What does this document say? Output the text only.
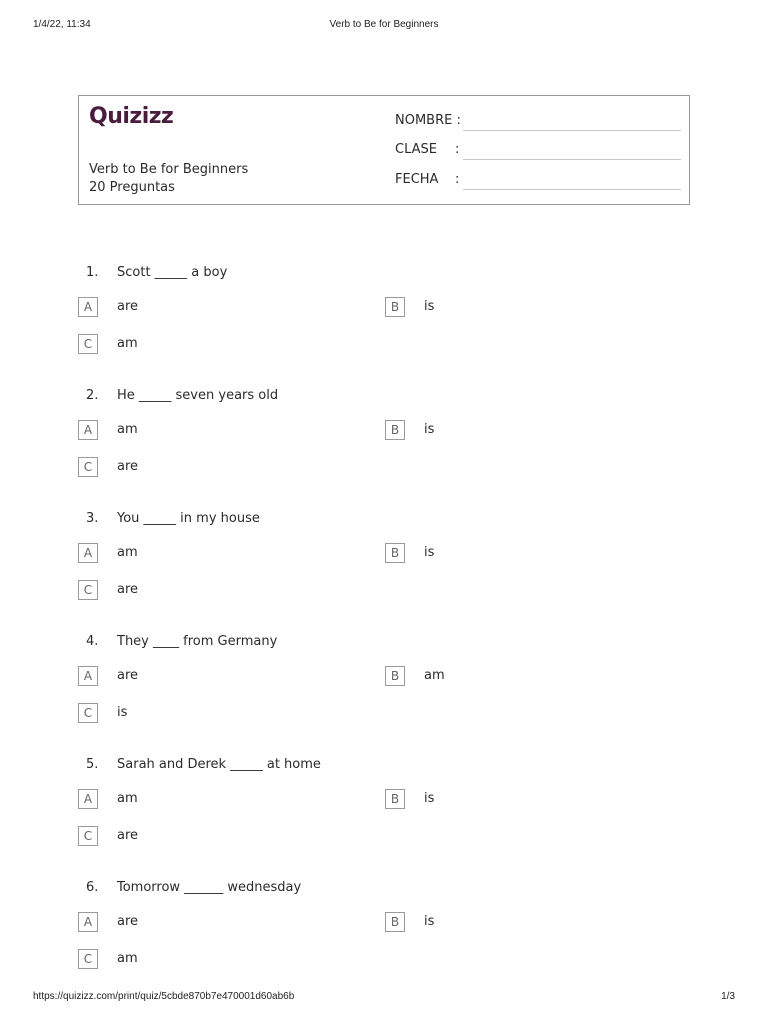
1/4/22, 11:34	Verb to Be for Beginners
Quizizz
Verb to Be for Beginners
20 Preguntas
NOMBRE :
CLASE :
FECHA :
1. Scott _____ a boy
A	are	B	is
C	am
2. He _____ seven years old
A	am	B	is
C	are
3. You _____ in my house
A	am	B	is
C	are
4. They ____ from Germany
A	are	B	am
C	is
5. Sarah and Derek _____ at home
A	am	B	is
C	are
6. Tomorrow ______ wednesday
A	are	B	is
C	am
https://quizizz.com/print/quiz/5cbde870b7e470001d60ab6b	1/3
